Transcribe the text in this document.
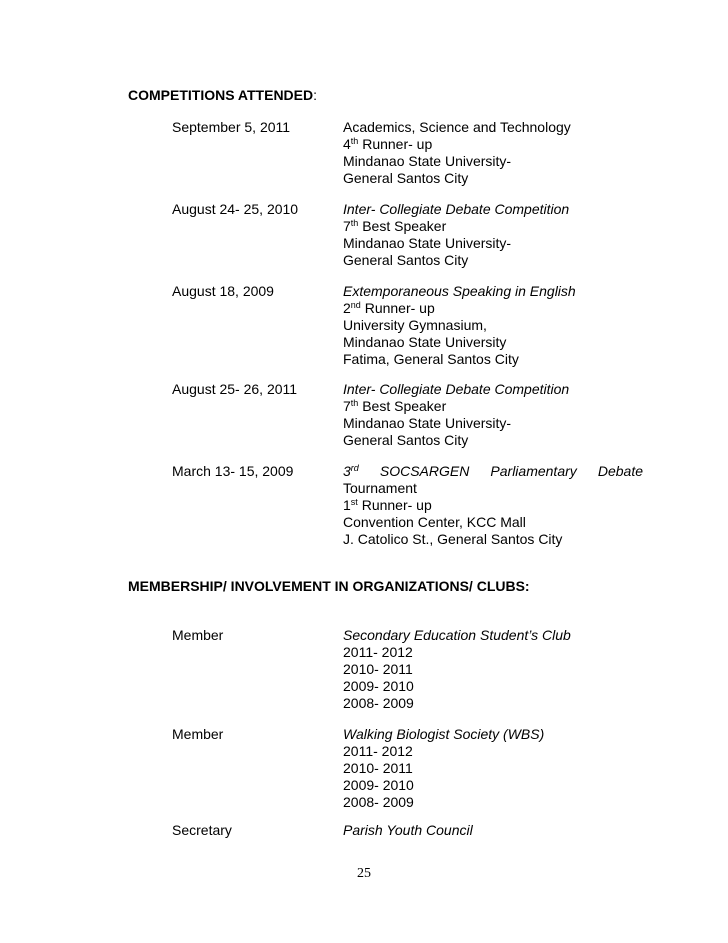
COMPETITIONS ATTENDED:
September 5, 2011	Academics, Science and Technology
4th Runner- up
Mindanao State University-
General Santos City
August 24- 25, 2010	Inter- Collegiate Debate Competition
7th Best Speaker
Mindanao State University-
General Santos City
August 18, 2009	Extemporaneous Speaking in English
2nd Runner- up
University Gymnasium,
Mindanao State University
Fatima, General Santos City
August 25- 26, 2011	Inter- Collegiate Debate Competition
7th Best Speaker
Mindanao State University-
General Santos City
March 13- 15, 2009	3rd SOCSARGEN Parliamentary Debate
Tournament
1st Runner- up
Convention Center, KCC Mall
J. Catolico St., General Santos City
MEMBERSHIP/ INVOLVEMENT IN ORGANIZATIONS/ CLUBS:
Member	Secondary Education Student’s Club
2011- 2012
2010- 2011
2009- 2010
2008- 2009
Member	Walking Biologist Society (WBS)
2011- 2012
2010- 2011
2009- 2010
2008- 2009
Secretary	Parish Youth Council
25
